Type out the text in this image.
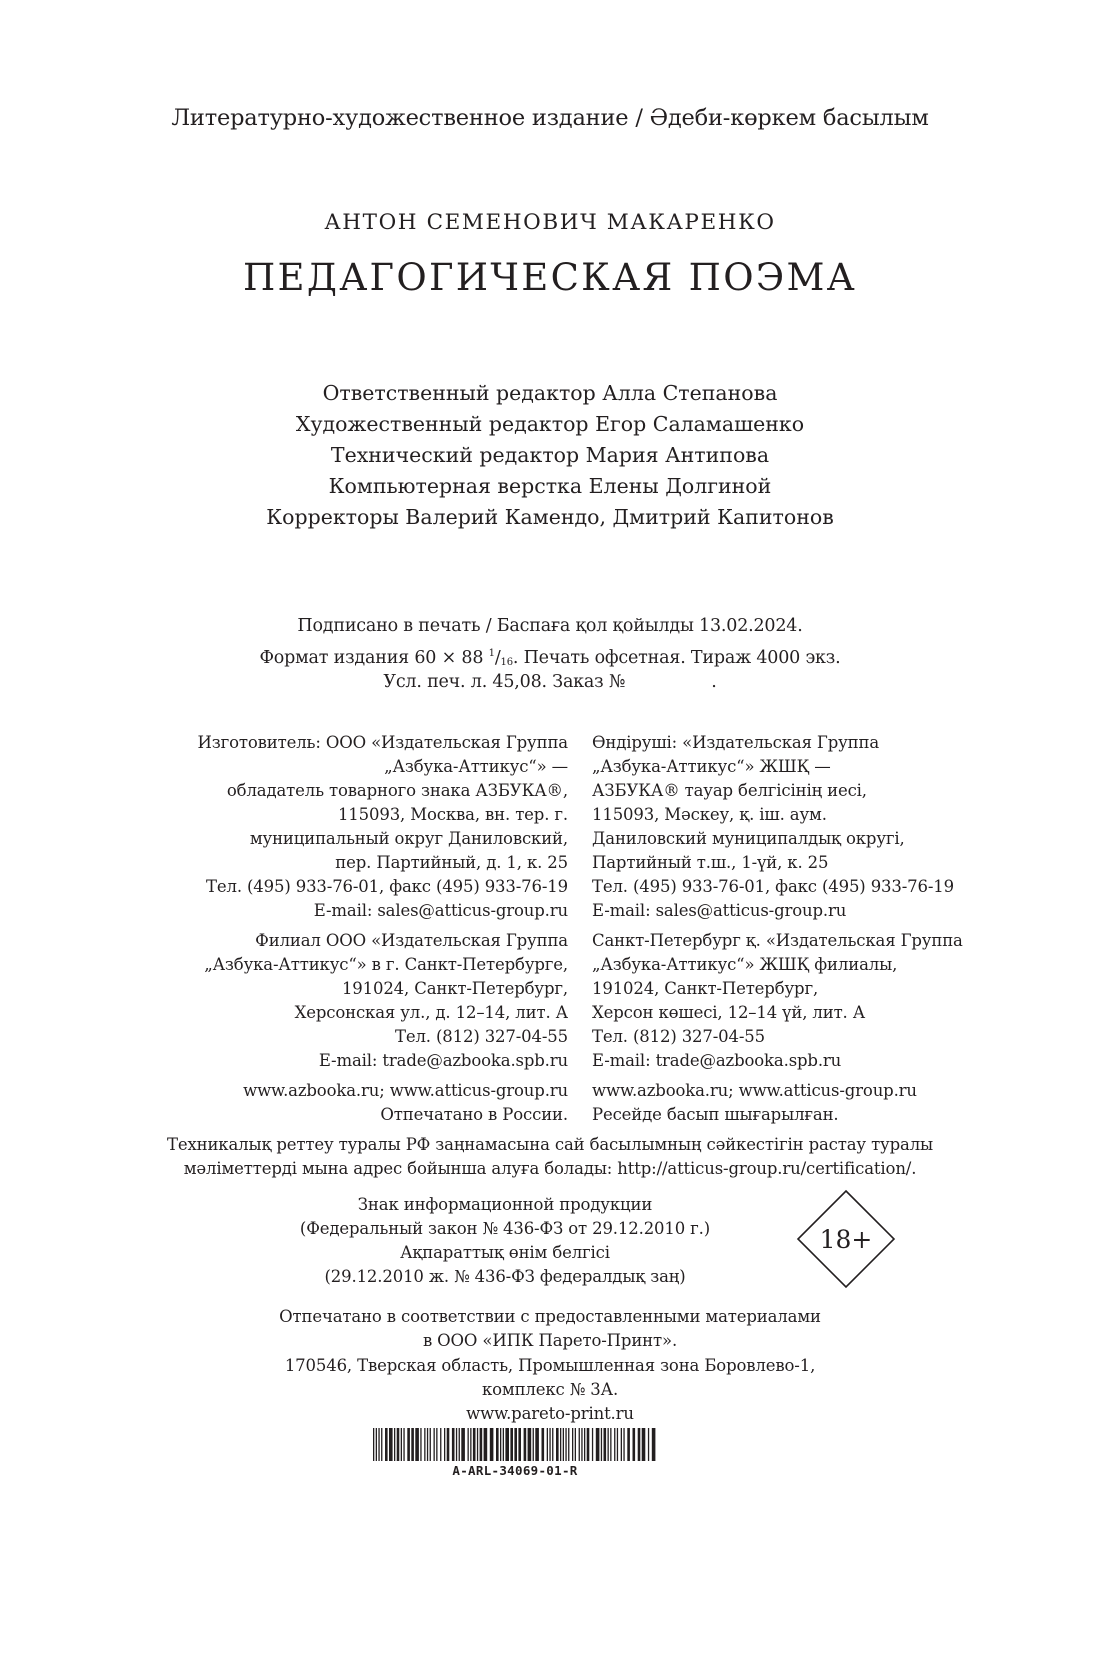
Литературно-художественное издание / Әдеби-көркем басылым
АНТОН СЕМЕНОВИЧ МАКАРЕНКО
ПЕДАГОГИЧЕСКАЯ ПОЭМА
Ответственный редактор Алла Степанова
Художественный редактор Егор Саламашенко
Технический редактор Мария Антипова
Компьютерная верстка Елены Долгиной
Корректоры Валерий Камендо, Дмитрий Капитонов
Подписано в печать / Баспаға қол қойылды 13.02.2024.
Формат издания 60 × 88 $^1/_{16}$. Печать офсетная. Тираж 4000 экз.
Усл. печ. л. 45,08. Заказ №	.
Изготовитель: ООО «Издательская Группа
„Азбука-Аттикус“» —
обладатель товарного знака АЗБУКА®,
115093, Москва, вн. тер. г.
муниципальный округ Даниловский,
пер. Партийный, д. 1, к. 25
Тел. (495) 933-76-01, факс (495) 933-76-19
E-mail: sales@atticus-group.ru
Филиал ООО «Издательская Группа
„Азбука-Аттикус“» в г. Санкт-Петербурге,
191024, Санкт-Петербург,
Херсонская ул., д. 12–14, лит. А
Тел. (812) 327-04-55
E-mail: trade@azbooka.spb.ru
www.azbooka.ru; www.atticus-group.ru
Отпечатано в России.
Өндіруші: «Издательская Группа
„Азбука-Аттикус“» ЖШҚ —
АЗБУКА® тауар белгісінің иесі,
115093, Мәскеу, қ. іш. аум.
Даниловский муниципалдық округі,
Партийный т.ш., 1-үй, к. 25
Тел. (495) 933-76-01, факс (495) 933-76-19
E-mail: sales@atticus-group.ru
Санкт-Петербург қ. «Издательская Группа
„Азбука-Аттикус“» ЖШҚ филиалы,
191024, Санкт-Петербург,
Херсон көшесі, 12–14 үй, лит. А
Тел. (812) 327-04-55
E-mail: trade@azbooka.spb.ru
www.azbooka.ru; www.atticus-group.ru
Ресейде басып шығарылған.
Техникалық реттеу туралы РФ заңнамасына сай басылымның сәйкестігін растау туралы
мәліметтерді мына адрес бойынша алуға болады: http://atticus-group.ru/certification/.
Знак информационной продукции
(Федеральный закон № 436-ФЗ от 29.12.2010 г.)
Ақпараттық өнім белгісі
(29.12.2010 ж. № 436-ФЗ федералдық заң)
18+
Отпечатано в соответствии с предоставленными материалами
в ООО «ИПК Парето-Принт».
170546, Тверская область, Промышленная зона Боровлево-1,
комплекс № 3А.
www.pareto-print.ru
A-ARL-34069-01-R
